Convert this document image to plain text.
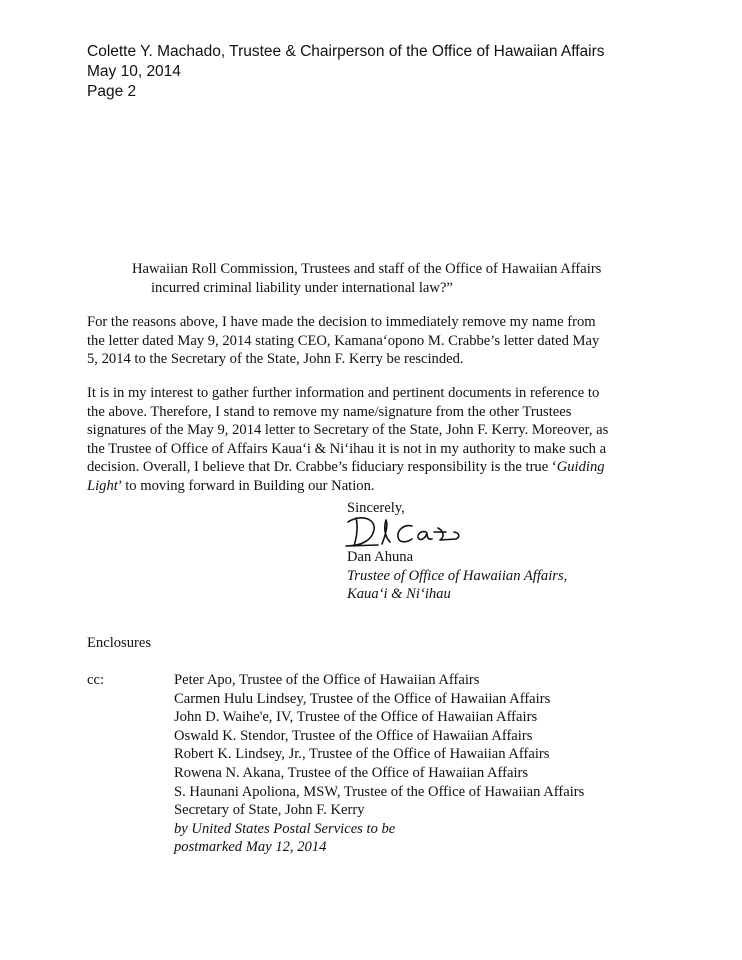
Colette Y. Machado, Trustee & Chairperson of the Office of Hawaiian Affairs
May 10, 2014
Page 2
Hawaiian Roll Commission, Trustees and staff of the Office of Hawaiian Affairs
incurred criminal liability under international law?”
For the reasons above, I have made the decision to immediately remove my name from
the letter dated May 9, 2014 stating CEO, Kamana‘opono M. Crabbe’s letter dated May
5, 2014 to the Secretary of the State, John F. Kerry be rescinded.
It is in my interest to gather further information and pertinent documents in reference to
the above. Therefore, I stand to remove my name/signature from the other Trustees
signatures of the May 9, 2014 letter to Secretary of the State, John F. Kerry. Moreover, as
the Trustee of Office of Affairs Kaua‘i & Ni‘ihau it is not in my authority to make such a
decision. Overall, I believe that Dr. Crabbe’s fiduciary responsibility is the true ‘Guiding
Light’ to moving forward in Building our Nation.
Sincerely,
Dan Ahuna
Trustee of Office of Hawaiian Affairs,
Kaua‘i & Ni‘ihau
Enclosures
cc:	Peter Apo, Trustee of the Office of Hawaiian Affairs
Carmen Hulu Lindsey, Trustee of the Office of Hawaiian Affairs
John D. Waihe'e, IV, Trustee of the Office of Hawaiian Affairs
Oswald K. Stendor, Trustee of the Office of Hawaiian Affairs
Robert K. Lindsey, Jr., Trustee of the Office of Hawaiian Affairs
Rowena N. Akana, Trustee of the Office of Hawaiian Affairs
S. Haunani Apoliona, MSW, Trustee of the Office of Hawaiian Affairs
Secretary of State, John F. Kerry
by United States Postal Services to be
postmarked May 12, 2014
